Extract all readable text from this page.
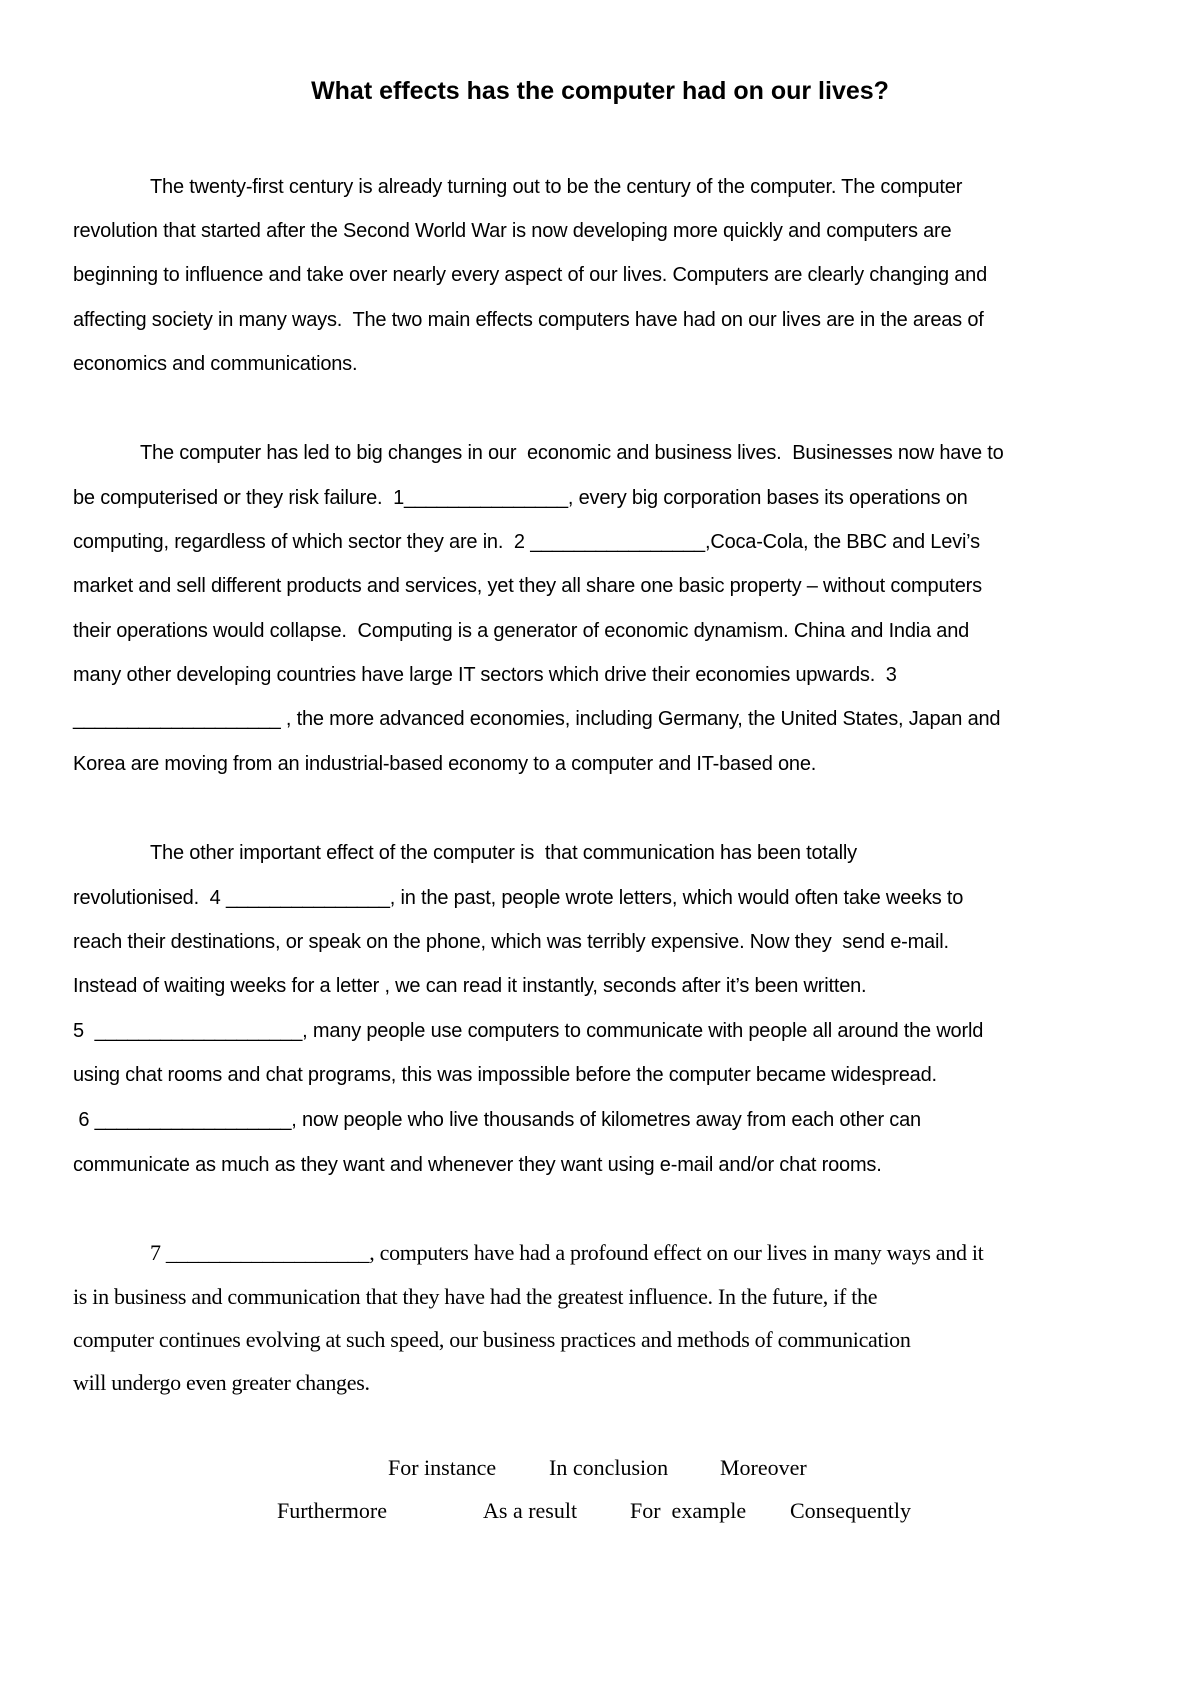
What effects has the computer had on our lives?
The twenty-first century is already turning out to be the century of the computer. The computer
revolution that started after the Second World War is now developing more quickly and computers are
beginning to influence and take over nearly every aspect of our lives. Computers are clearly changing and
affecting society in many ways.  The two main effects computers have had on our lives are in the areas of
economics and communications.
The computer has led to big changes in our  economic and business lives.  Businesses now have to
be computerised or they risk failure.  1_______________, every big corporation bases its operations on
computing, regardless of which sector they are in.  2 ________________,Coca-Cola, the BBC and Levi’s
market and sell different products and services, yet they all share one basic property – without computers
their operations would collapse.  Computing is a generator of economic dynamism. China and India and
many other developing countries have large IT sectors which drive their economies upwards.  3
___________________ , the more advanced economies, including Germany, the United States, Japan and
Korea are moving from an industrial-based economy to a computer and IT-based one.
The other important effect of the computer is  that communication has been totally
revolutionised.  4 _______________, in the past, people wrote letters, which would often take weeks to
reach their destinations, or speak on the phone, which was terribly expensive. Now they  send e-mail.
Instead of waiting weeks for a letter , we can read it instantly, seconds after it’s been written.
5  ___________________, many people use computers to communicate with people all around the world
using chat rooms and chat programs, this was impossible before the computer became widespread.
6 __________________, now people who live thousands of kilometres away from each other can
communicate as much as they want and whenever they want using e-mail and/or chat rooms.
7 ___________________, computers have had a profound effect on our lives in many ways and it
is in business and communication that they have had the greatest influence. In the future, if the
computer continues evolving at such speed, our business practices and methods of communication
will undergo even greater changes.
For instance In conclusion Moreover
Furthermore	As a result For  example Consequently
